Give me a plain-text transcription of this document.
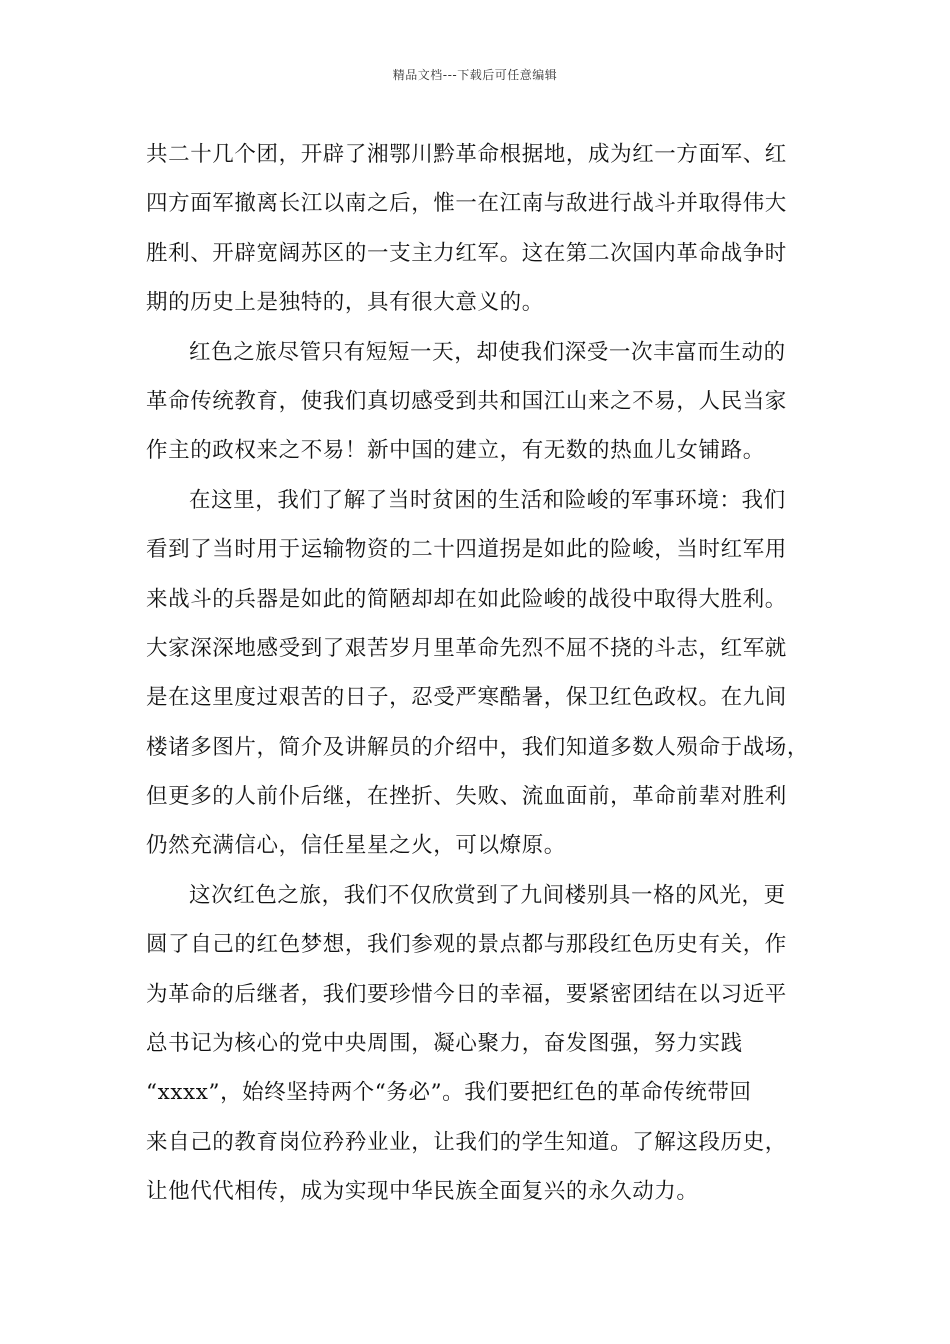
精品文档---下载后可任意编辑
共二十几个团，开辟了湘鄂川黔革命根据地，成为红一方面军、红
四方面军撤离长江以南之后，惟一在江南与敌进行战斗并取得伟大
胜利、开辟宽阔苏区的一支主力红军。这在第二次国内革命战争时
期的历史上是独特的，具有很大意义的。
红色之旅尽管只有短短一天，却使我们深受一次丰富而生动的
革命传统教育，使我们真切感受到共和国江山来之不易，人民当家
作主的政权来之不易！新中国的建立，有无数的热血儿女铺路。
在这里，我们了解了当时贫困的生活和险峻的军事环境：我们
看到了当时用于运输物资的二十四道拐是如此的险峻，当时红军用
来战斗的兵器是如此的简陋却却在如此险峻的战役中取得大胜利。
大家深深地感受到了艰苦岁月里革命先烈不屈不挠的斗志，红军就
是在这里度过艰苦的日子，忍受严寒酷暑，保卫红色政权。在九间
楼诸多图片，简介及讲解员的介绍中，我们知道多数人殒命于战场，
但更多的人前仆后继，在挫折、失败、流血面前，革命前辈对胜利
仍然充满信心，信任星星之火，可以燎原。
这次红色之旅，我们不仅欣赏到了九间楼别具一格的风光，更
圆了自己的红色梦想，我们参观的景点都与那段红色历史有关，作
为革命的后继者，我们要珍惜今日的幸福，要紧密团结在以习近平
总书记为核心的党中央周围，凝心聚力，奋发图强，努力实践
“xxxx”，始终坚持两个“务必”。我们要把红色的革命传统带回
来自己的教育岗位矜矜业业，让我们的学生知道。了解这段历史，
让他代代相传，成为实现中华民族全面复兴的永久动力。
